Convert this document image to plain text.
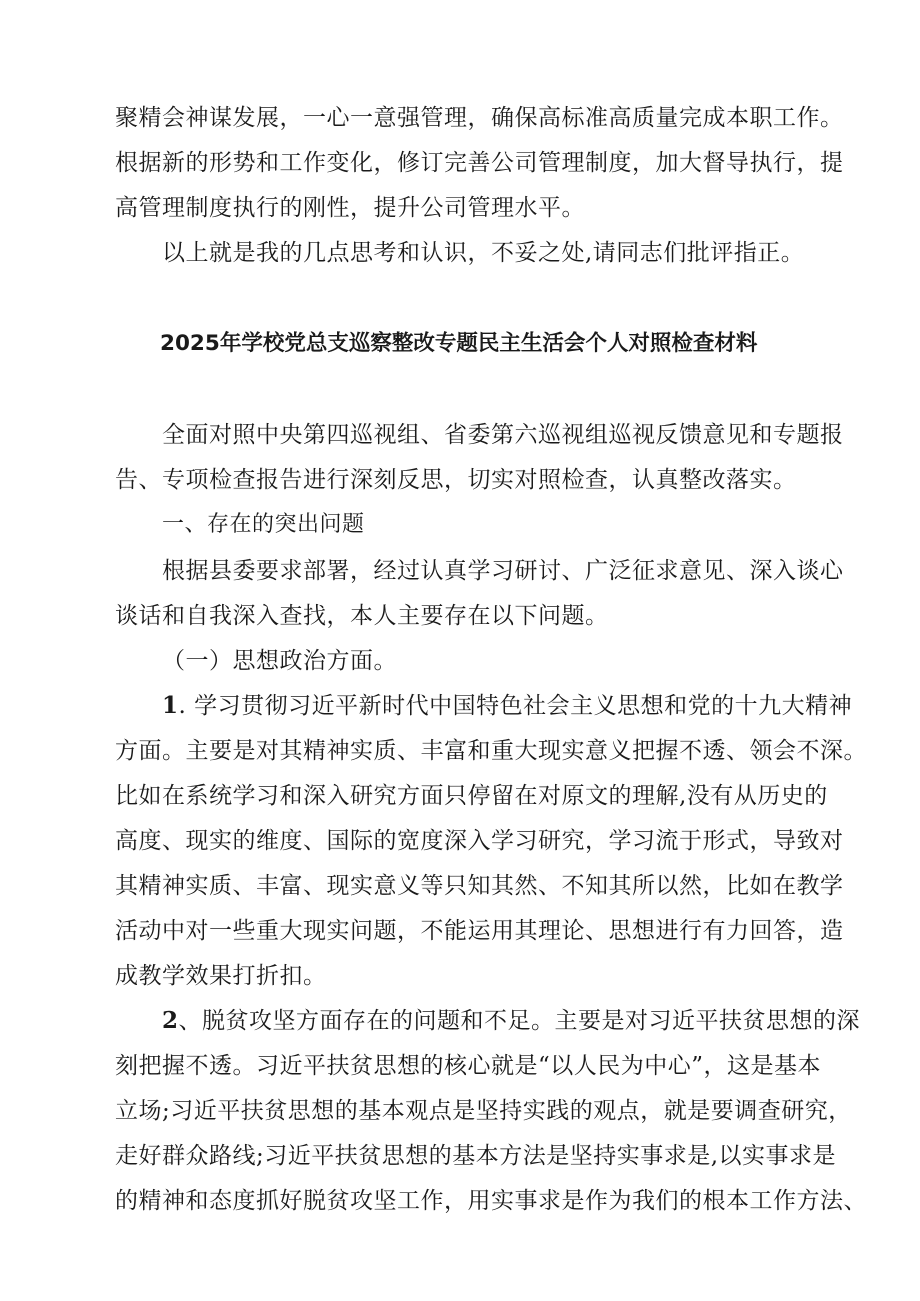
聚精会神谋发展，一心一意强管理，确保高标准高质量完成本职工作。
根据新的形势和工作变化，修订完善公司管理制度，加大督导执行，提
高管理制度执行的刚性，提升公司管理水平。
以上就是我的几点思考和认识，不妥之处,请同志们批评指正。
2025年学校党总支巡察整改专题民主生活会个人对照检查材料
全面对照中央第四巡视组、省委第六巡视组巡视反馈意见和专题报
告、专项检查报告进行深刻反思，切实对照检查，认真整改落实。
一、存在的突出问题
根据县委要求部署，经过认真学习研讨、广泛征求意见、深入谈心
谈话和自我深入查找，本人主要存在以下问题。
（一）思想政治方面。
1. 学习贯彻习近平新时代中国特色社会主义思想和党的十九大精神
方面。主要是对其精神实质、丰富和重大现实意义把握不透、领会不深。
比如在系统学习和深入研究方面只停留在对原文的理解,没有从历史的
高度、现实的维度、国际的宽度深入学习研究，学习流于形式，导致对
其精神实质、丰富、现实意义等只知其然、不知其所以然，比如在教学
活动中对一些重大现实问题，不能运用其理论、思想进行有力回答，造
成教学效果打折扣。
2、脱贫攻坚方面存在的问题和不足。主要是对习近平扶贫思想的深
刻把握不透。习近平扶贫思想的核心就是“以人民为中心”，这是基本
立场;习近平扶贫思想的基本观点是坚持实践的观点，就是要调查研究，
走好群众路线;习近平扶贫思想的基本方法是坚持实事求是,以实事求是
的精神和态度抓好脱贫攻坚工作，用实事求是作为我们的根本工作方法、
